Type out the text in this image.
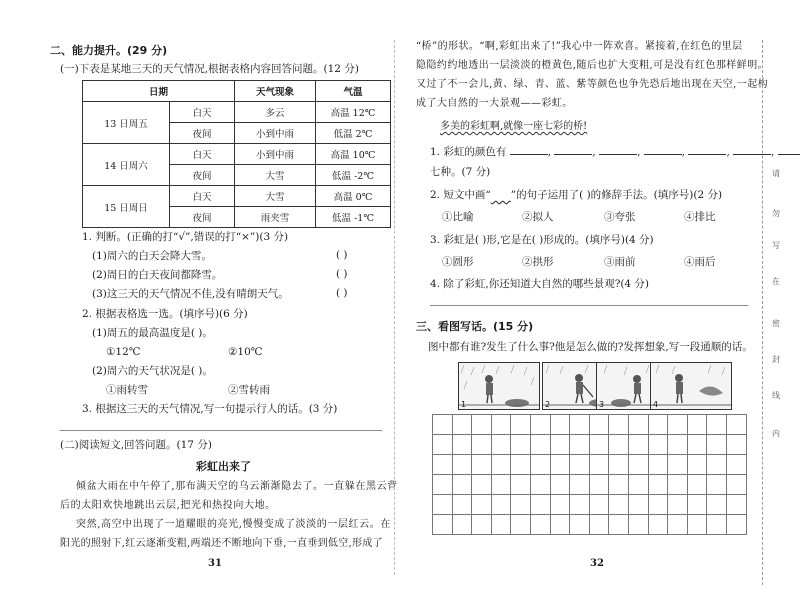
二、能力提升。(29 分)
(一)下表是某地三天的天气情况,根据表格内容回答问题。(12 分)
日期		天气现象	气温
13 日周五	白天	多云	高温 12℃
	夜间	小到中雨	低温 2℃
14 日周六	白天	小到中雨	高温 10℃
	夜间	大雪	低温 -2℃
15 日周日	白天	大雪	高温 0℃
	夜间	雨夹雪	低温 -1℃
1. 判断。(正确的打“√”,错误的打“×”)(3 分)
(1)周六的白天会降大雪。	( )
(2)周日的白天夜间都降雪。	( )
(3)这三天的天气情况不佳,没有晴朗天气。	( )
2. 根据表格选一选。(填序号)(6 分)
(1)周五的最高温度是( )。
①12℃	②10℃
(2)周六的天气状况是( )。
①雨转雪	②雪转雨
3. 根据这三天的天气情况,写一句提示行人的话。(3 分)
(二)阅读短文,回答问题。(17 分)
彩虹出来了
倾盆大雨在中午停了,那布满天空的乌云渐渐隐去了。一直躲在黑云背
后的太阳欢快地跳出云层,把光和热投向大地。
突然,高空中出现了一道耀眼的亮光,慢慢变成了淡淡的一层红云。在
阳光的照射下,红云逐渐变粗,两端还不断地向下垂,一直垂到低空,形成了
31
“桥”的形状。“啊,彩虹出来了!”我心中一阵欢喜。紧接着,在红色的里层
隐隐约约地透出一层淡淡的橙黄色,随后也扩大变粗,可是没有红色那样鲜明。
又过了不一会儿,黄、绿、青、蓝、紫等颜色也争先恐后地出现在天空,一起构
成了大自然的一大景观——彩虹。
多美的彩虹啊,就像一座七彩的桥!
1. 彩虹的颜色有	,	,	,	,	,	,
七种。(7 分)
2. 短文中画“ ”的句子运用了( )的修辞手法。(填序号)(2 分)
①比喻	②拟人	③夸张	④排比
3. 彩虹是( )形,它是在( )形成的。(填序号)(4 分)
①圆形	②拱形	③雨前	④雨后
4. 除了彩虹,你还知道大自然的哪些景观?(4 分)
三、看图写话。(15 分)
图中都有谁?发生了什么事?他是怎么做的?发挥想象,写一段通顺的话。
1	2	3	4

32
请
勿
写
在
密
封
线
内
